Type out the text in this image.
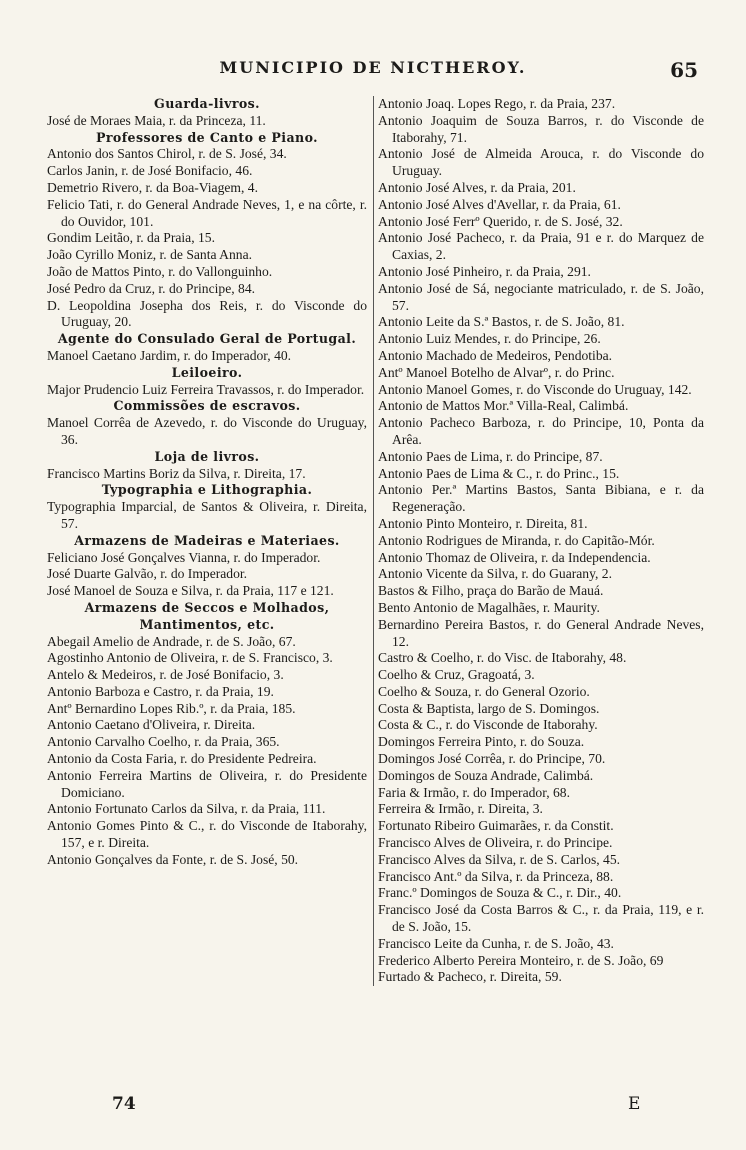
MUNICIPIO DE NICTHEROY.	65
Guarda-livros.
José de Moraes Maia, r. da Princeza, 11.
Professores de Canto e Piano.
Antonio dos Santos Chirol, r. de S. José, 34.
Carlos Janin, r. de José Bonifacio, 46.
Demetrio Rivero, r. da Boa-Viagem, 4.
Felicio Tati, r. do General Andrade Neves, 1, e na côrte, r. do Ouvidor, 101.
Gondim Leitão, r. da Praia, 15.
João Cyrillo Moniz, r. de Santa Anna.
João de Mattos Pinto, r. do Vallonguinho.
José Pedro da Cruz, r. do Principe, 84.
D. Leopoldina Josepha dos Reis, r. do Visconde do Uruguay, 20.
Agente do Consulado Geral de Portugal.
Manoel Caetano Jardim, r. do Imperador, 40.
Leiloeiro.
Major Prudencio Luiz Ferreira Travassos, r. do Imperador.
Commissões de escravos.
Manoel Corrêa de Azevedo, r. do Visconde do Uruguay, 36.
Loja de livros.
Francisco Martins Boriz da Silva, r. Direita, 17.
Typographia e Lithographia.
Typographia Imparcial, de Santos & Oliveira, r. Direita, 57.
Armazens de Madeiras e Materiaes.
Feliciano José Gonçalves Vianna, r. do Imperador.
José Duarte Galvão, r. do Imperador.
José Manoel de Souza e Silva, r. da Praia, 117 e 121.
Armazens de Seccos e Molhados, Mantimentos, etc.
Abegail Amelio de Andrade, r. de S. João, 67.
Agostinho Antonio de Oliveira, r. de S. Francisco, 3.
Antelo & Medeiros, r. de José Bonifacio, 3.
Antonio Barboza e Castro, r. da Praia, 19.
Antº Bernardino Lopes Rib.º, r. da Praia, 185.
Antonio Caetano d'Oliveira, r. Direita.
Antonio Carvalho Coelho, r. da Praia, 365.
Antonio da Costa Faria, r. do Presidente Pedreira.
Antonio Ferreira Martins de Oliveira, r. do Presidente Domiciano.
Antonio Fortunato Carlos da Silva, r. da Praia, 111.
Antonio Gomes Pinto & C., r. do Visconde de Itaborahy, 157, e r. Direita.
Antonio Gonçalves da Fonte, r. de S. José, 50.
Antonio Joaq. Lopes Rego, r. da Praia, 237.
Antonio Joaquim de Souza Barros, r. do Visconde de Itaborahy, 71.
Antonio José de Almeida Arouca, r. do Visconde do Uruguay.
Antonio José Alves, r. da Praia, 201.
Antonio José Alves d'Avellar, r. da Praia, 61.
Antonio José Ferrº Querido, r. de S. José, 32.
Antonio José Pacheco, r. da Praia, 91 e r. do Marquez de Caxias, 2.
Antonio José Pinheiro, r. da Praia, 291.
Antonio José de Sá, negociante matriculado, r. de S. João, 57.
Antonio Leite da S.ª Bastos, r. de S. João, 81.
Antonio Luiz Mendes, r. do Principe, 26.
Antonio Machado de Medeiros, Pendotiba.
Antº Manoel Botelho de Alvarº, r. do Princ.
Antonio Manoel Gomes, r. do Visconde do Uruguay, 142.
Antonio de Mattos Mor.ª Villa-Real, Calimbá.
Antonio Pacheco Barboza, r. do Principe, 10, Ponta da Arêa.
Antonio Paes de Lima, r. do Principe, 87.
Antonio Paes de Lima & C., r. do Princ., 15.
Antonio Per.ª Martins Bastos, Santa Bibiana, e r. da Regeneração.
Antonio Pinto Monteiro, r. Direita, 81.
Antonio Rodrigues de Miranda, r. do Capitão-Mór.
Antonio Thomaz de Oliveira, r. da Independencia.
Antonio Vicente da Silva, r. do Guarany, 2.
Bastos & Filho, praça do Barão de Mauá.
Bento Antonio de Magalhães, r. Maurity.
Bernardino Pereira Bastos, r. do General Andrade Neves, 12.
Castro & Coelho, r. do Visc. de Itaborahy, 48.
Coelho & Cruz, Gragoatá, 3.
Coelho & Souza, r. do General Ozorio.
Costa & Baptista, largo de S. Domingos.
Costa & C., r. do Visconde de Itaborahy.
Domingos Ferreira Pinto, r. do Souza.
Domingos José Corrêa, r. do Principe, 70.
Domingos de Souza Andrade, Calimbá.
Faria & Irmão, r. do Imperador, 68.
Ferreira & Irmão, r. Direita, 3.
Fortunato Ribeiro Guimarães, r. da Constit.
Francisco Alves de Oliveira, r. do Principe.
Francisco Alves da Silva, r. de S. Carlos, 45.
Francisco Ant.º da Silva, r. da Princeza, 88.
Franc.º Domingos de Souza & C., r. Dir., 40.
Francisco José da Costa Barros & C., r. da Praia, 119, e r. de S. João, 15.
Francisco Leite da Cunha, r. de S. João, 43.
Frederico Alberto Pereira Monteiro, r. de S. João, 69
Furtado & Pacheco, r. Direita, 59.
74	E
